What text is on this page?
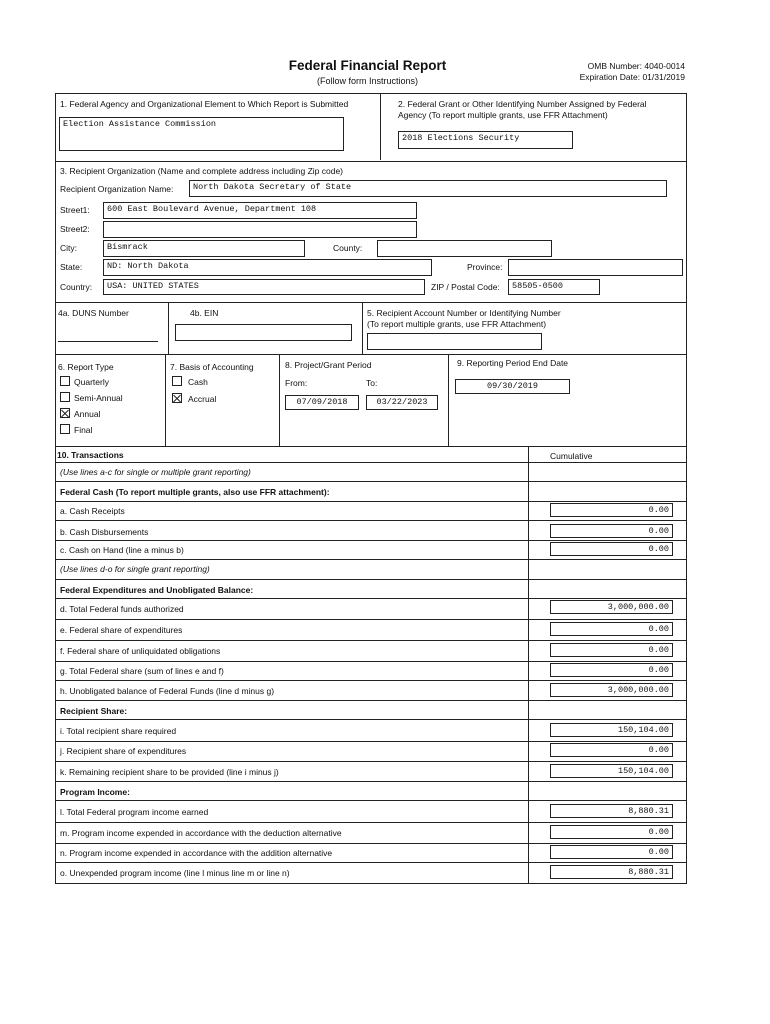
Federal Financial Report
(Follow form Instructions)
OMB Number: 4040-0014
Expiration Date: 01/31/2019
1. Federal Agency and Organizational Element to Which Report is Submitted
Election Assistance Commission
2. Federal Grant or Other Identifying Number Assigned by Federal
Agency (To report multiple grants, use FFR Attachment)
2018 Elections Security
3. Recipient Organization (Name and complete address including Zip code)
Recipient Organization Name:	North Dakota Secretary of State
Street1:	600 East Boulevard Avenue, Department 108
Street2:
City:	Bismrack	County:
State:	ND: North Dakota	Province:
Country:	USA: UNITED STATES	ZIP / Postal Code:	58505-0500
4a. DUNS Number	4b. EIN	5. Recipient Account Number or Identifying Number
(To report multiple grants, use FFR Attachment)
6. Report Type
Quarterly
Semi-Annual
Annual
Final
7. Basis of Accounting
Cash
Accrual
8. Project/Grant Period
From:	To:
07/09/2018	03/22/2023
9. Reporting Period End Date
09/30/2019
10. Transactions	Cumulative
(Use lines a-c for single or multiple grant reporting)
Federal Cash (To report multiple grants, also use FFR attachment):
a. Cash Receipts	0.00
b. Cash Disbursements	0.00
c. Cash on Hand (line a minus b)	0.00
(Use lines d-o for single grant reporting)
Federal Expenditures and Unobligated Balance:
d. Total Federal funds authorized	3,000,000.00
e. Federal share of expenditures	0.00
f. Federal share of unliquidated obligations	0.00
g. Total Federal share (sum of lines e and f)	0.00
h. Unobligated balance of Federal Funds (line d minus g)	3,000,000.00
Recipient Share:
i. Total recipient share required	150,104.00
j. Recipient share of expenditures	0.00
k. Remaining recipient share to be provided (line i minus j)	150,104.00
Program Income:
l. Total Federal program income earned	8,880.31
m. Program income expended in accordance with the deduction alternative	0.00
n. Program income expended in accordance with the addition alternative	0.00
o. Unexpended program income (line l minus line m or line n)	8,880.31
